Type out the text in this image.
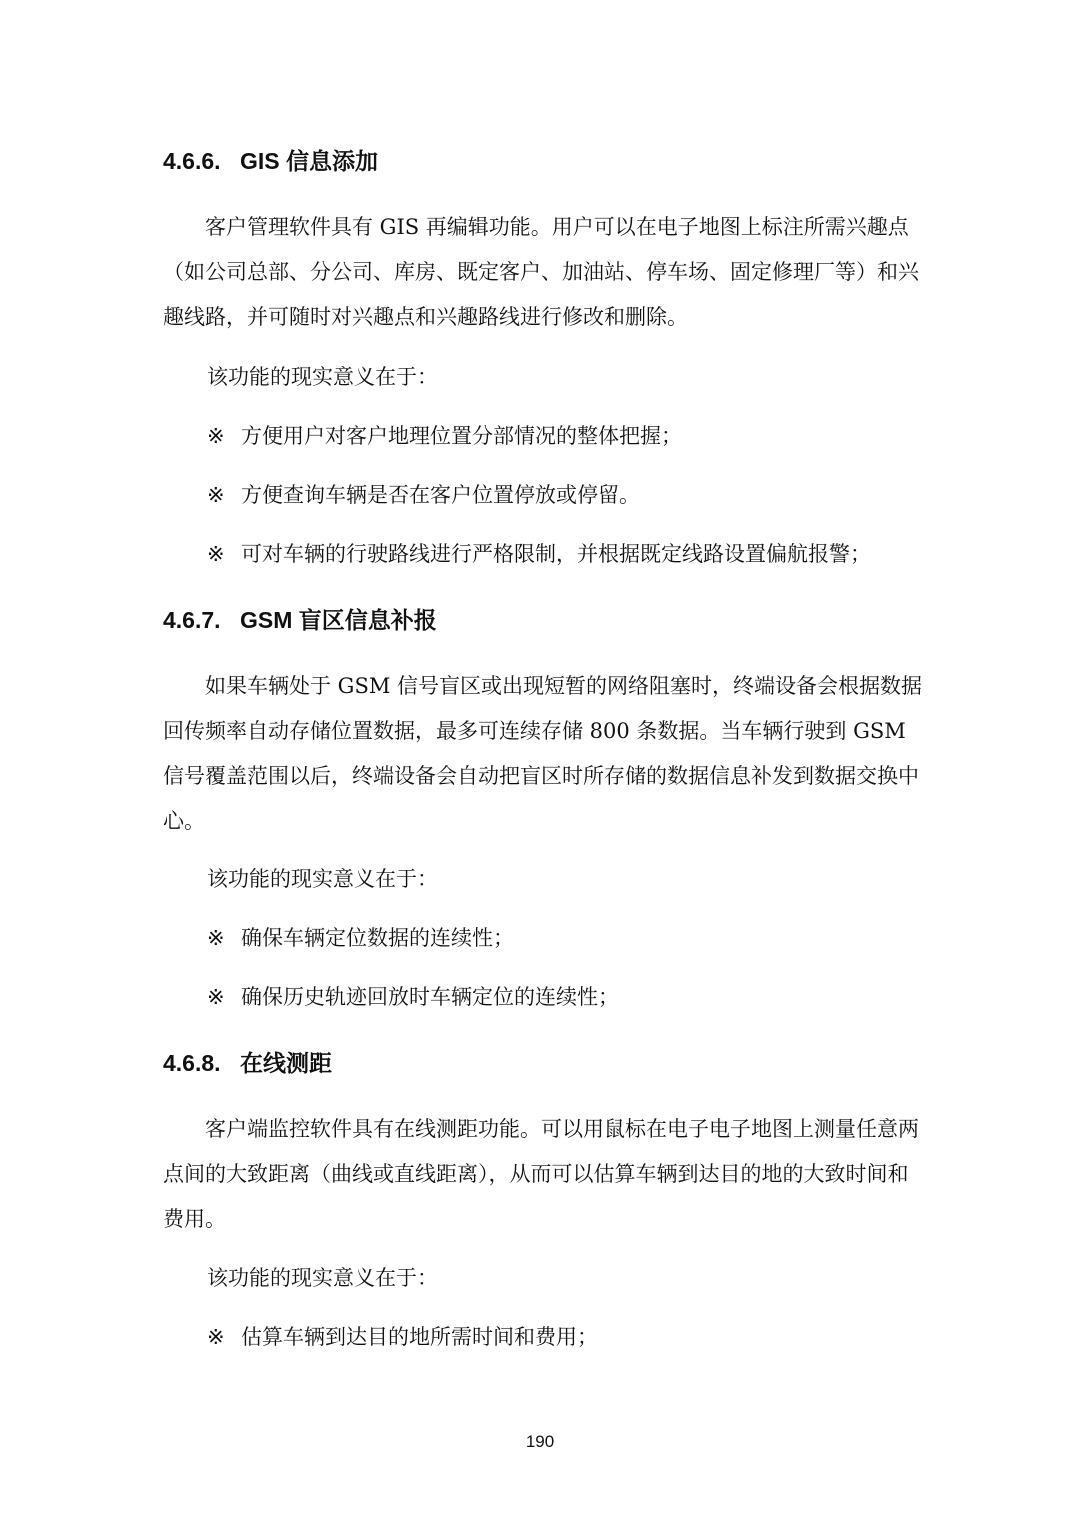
4.6.6. GIS 信息添加

客户管理软件具有 GIS 再编辑功能。用户可以在电子地图上标注所需兴趣点（如公司总部、分公司、库房、既定客户、加油站、停车场、固定修理厂等）和兴趣线路，并可随时对兴趣点和兴趣路线进行修改和删除。

该功能的现实意义在于：

※ 方便用户对客户地理位置分部情况的整体把握；

※ 方便查询车辆是否在客户位置停放或停留。

※ 可对车辆的行驶路线进行严格限制，并根据既定线路设置偏航报警；

4.6.7. GSM 盲区信息补报

如果车辆处于 GSM 信号盲区或出现短暂的网络阻塞时，终端设备会根据数据回传频率自动存储位置数据，最多可连续存储 800 条数据。当车辆行驶到 GSM 信号覆盖范围以后，终端设备会自动把盲区时所存储的数据信息补发到数据交换中心。

该功能的现实意义在于：

※ 确保车辆定位数据的连续性；

※ 确保历史轨迹回放时车辆定位的连续性；

4.6.8. 在线测距

客户端监控软件具有在线测距功能。可以用鼠标在电子电子地图上测量任意两点间的大致距离（曲线或直线距离），从而可以估算车辆到达目的地的大致时间和费用。

该功能的现实意义在于：

※ 估算车辆到达目的地所需时间和费用；

190
